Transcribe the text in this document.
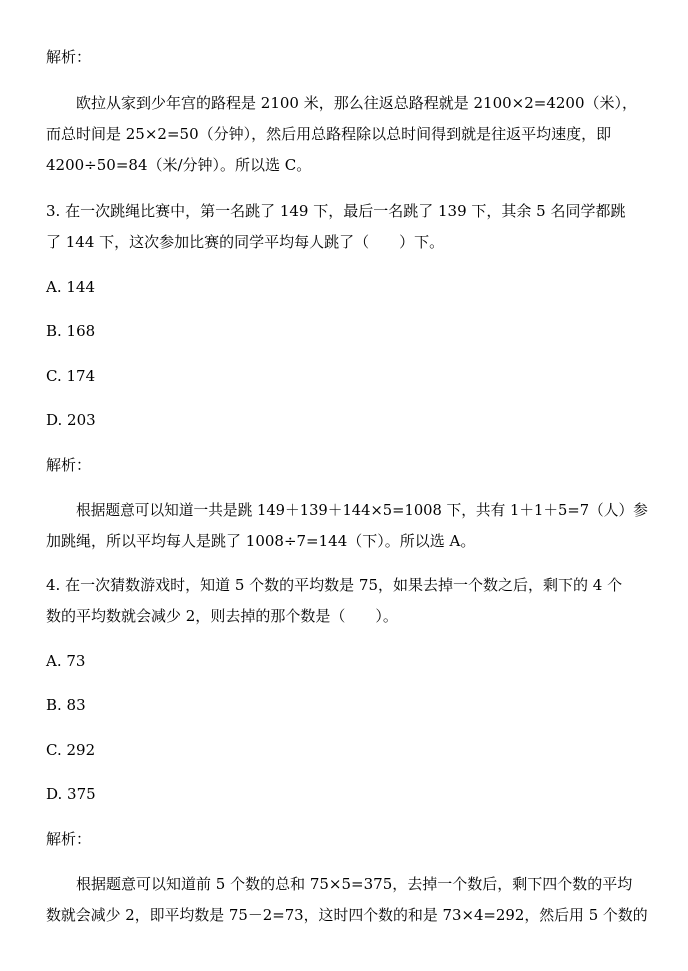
解析：
欧拉从家到少年宫的路程是 2100 米，那么往返总路程就是 2100×2=4200（米），
而总时间是 25×2=50（分钟），然后用总路程除以总时间得到就是往返平均速度，即
4200÷50=84（米/分钟）。所以选 C。
3. 在一次跳绳比赛中，第一名跳了 149 下，最后一名跳了 139 下，其余 5 名同学都跳
了 144 下，这次参加比赛的同学平均每人跳了（　　）下。
A. 144
B. 168
C. 174
D. 203
解析：
根据题意可以知道一共是跳 149＋139＋144×5=1008 下，共有 1＋1＋5=7（人）参
加跳绳，所以平均每人是跳了 1008÷7=144（下）。所以选 A。
4. 在一次猜数游戏时，知道 5 个数的平均数是 75，如果去掉一个数之后，剩下的 4 个
数的平均数就会减少 2，则去掉的那个数是（　　）。
A. 73
B. 83
C. 292
D. 375
解析：
根据题意可以知道前 5 个数的总和 75×5=375，去掉一个数后，剩下四个数的平均
数就会减少 2，即平均数是 75－2=73，这时四个数的和是 73×4=292，然后用 5 个数的
